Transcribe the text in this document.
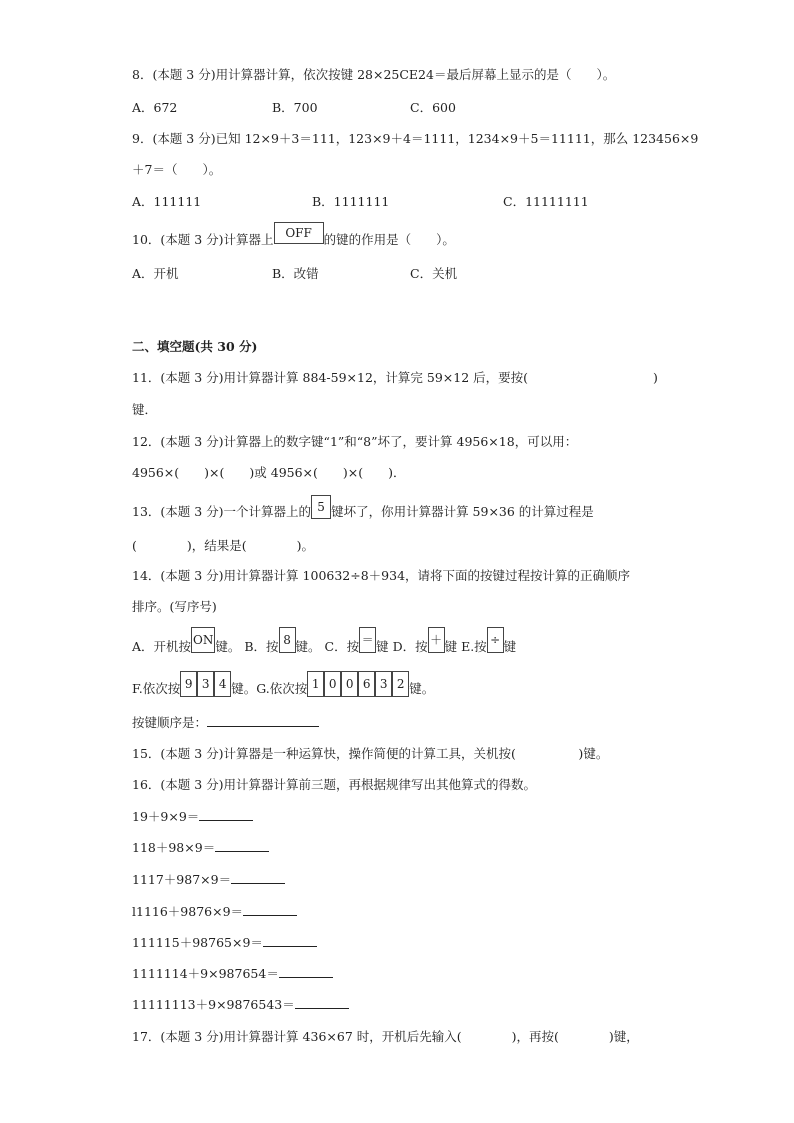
8．(本题 3 分)用计算器计算，依次按键 28×25CE24＝最后屏幕上显示的是（　　）。
A．672	B．700	C．600
9．(本题 3 分)已知 12×9＋3＝111，123×9＋4＝1111，1234×9＋5＝11111，那么 123456×9
＋7＝（　　）。
A．111111	B．1111111	C．11111111
10．(本题 3 分)计算器上 OFF 的键的作用是（　　）。
A．开机	B．改错	C．关机
二、填空题(共 30 分)
11．(本题 3 分)用计算器计算 884-59×12，计算完 59×12 后，要按(　　　　　　　　　　)
键．
12．(本题 3 分)计算器上的数字键“1”和“8”坏了，要计算 4956×18，可以用：
4956×(　　)×(　　)或 4956×(　　)×(　　)．
13．(本题 3 分)一个计算器上的 5 键坏了，你用计算器计算 59×36 的计算过程是
(　　　　)，结果是(　　　　)。
14．(本题 3 分)用计算器计算 100632÷8＋934，请将下面的按键过程按计算的正确顺序
排序。(写序号)
A．开机按 ON 键。 B．按 8 键。 C．按 ＝ 键 D．按 ＋ 键 E.按 ÷ 键
F.依次按 9 3 4 键。G.依次按 1 0 0 6 3 2 键。
按键顺序是：
15．(本题 3 分)计算器是一种运算快，操作简便的计算工具，关机按(　　　　　)键。
16．(本题 3 分)用计算器计算前三题，再根据规律写出其他算式的得数。
19＋9×9＝
118＋98×9＝
1117＋987×9＝
l1116＋9876×9＝
111115＋98765×9＝
1111114＋9×987654＝
11111113＋9×9876543＝
17．(本题 3 分)用计算器计算 436×67 时，开机后先输入(　　　　)，再按(　　　　)键，
